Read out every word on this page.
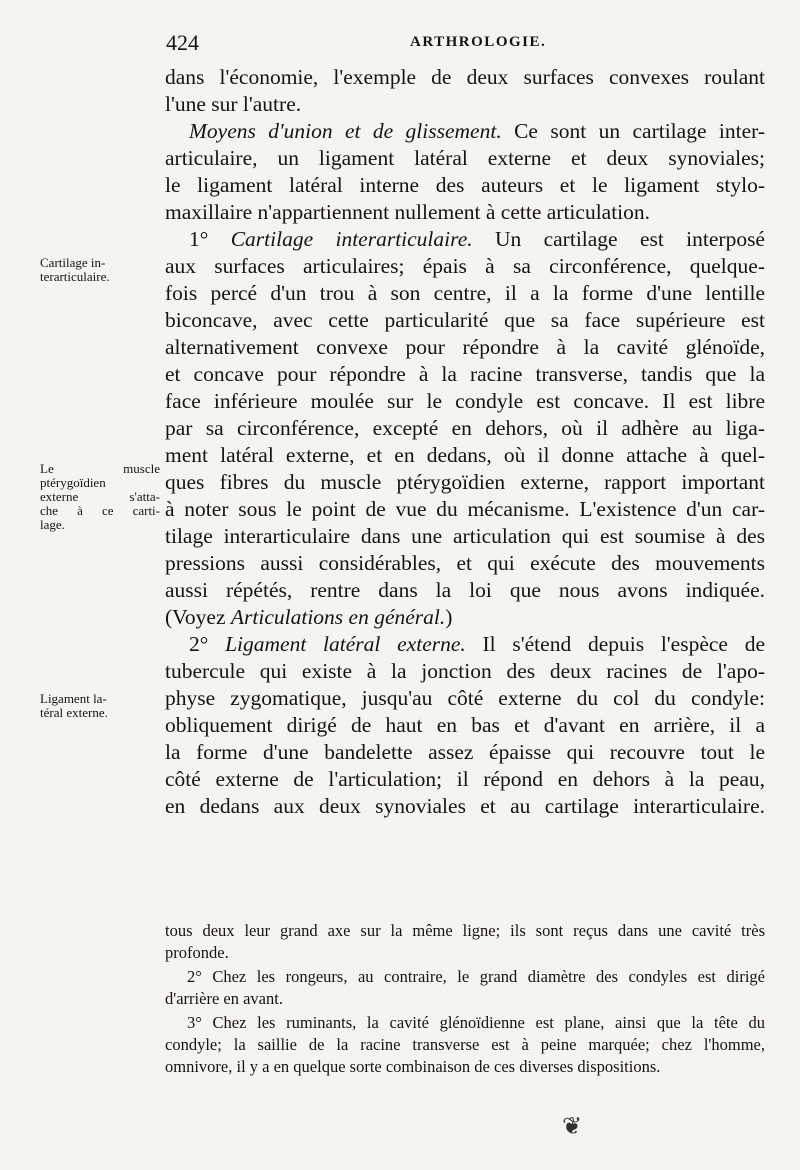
424	ARTHROLOGIE.
Cartilage in-
terarticulaire.
Le muscle
ptérygoïdien
externe s'atta-
che à ce carti-
lage.
Ligament la-
téral externe.
dans l'économie, l'exemple de deux surfaces convexes roulant
l'une sur l'autre.
Moyens d'union et de glissement. Ce sont un cartilage inter-
articulaire, un ligament latéral externe et deux synoviales;
le ligament latéral interne des auteurs et le ligament stylo-
maxillaire n'appartiennent nullement à cette articulation.
1° Cartilage interarticulaire. Un cartilage est interposé
aux surfaces articulaires; épais à sa circonférence, quelque-
fois percé d'un trou à son centre, il a la forme d'une lentille
biconcave, avec cette particularité que sa face supérieure est
alternativement convexe pour répondre à la cavité glénoïde,
et concave pour répondre à la racine transverse, tandis que la
face inférieure moulée sur le condyle est concave. Il est libre
par sa circonférence, excepté en dehors, où il adhère au liga-
ment latéral externe, et en dedans, où il donne attache à quel-
ques fibres du muscle ptérygoïdien externe, rapport important
à noter sous le point de vue du mécanisme. L'existence d'un car-
tilage interarticulaire dans une articulation qui est soumise à des
pressions aussi considérables, et qui exécute des mouvements
aussi répétés, rentre dans la loi que nous avons indiquée.
(Voyez Articulations en général.)
2° Ligament latéral externe. Il s'étend depuis l'espèce de
tubercule qui existe à la jonction des deux racines de l'apo-
physe zygomatique, jusqu'au côté externe du col du condyle:
obliquement dirigé de haut en bas et d'avant en arrière, il a
la forme d'une bandelette assez épaisse qui recouvre tout le
côté externe de l'articulation; il répond en dehors à la peau,
en dedans aux deux synoviales et au cartilage interarticulaire.
tous deux leur grand axe sur la même ligne; ils sont reçus dans une cavité très
profonde.
2° Chez les rongeurs, au contraire, le grand diamètre des condyles est dirigé
d'arrière en avant.
3° Chez les ruminants, la cavité glénoïdienne est plane, ainsi que la tête du
condyle; la saillie de la racine transverse est à peine marquée; chez l'homme,
omnivore, il y a en quelque sorte combinaison de ces diverses dispositions.
❦
